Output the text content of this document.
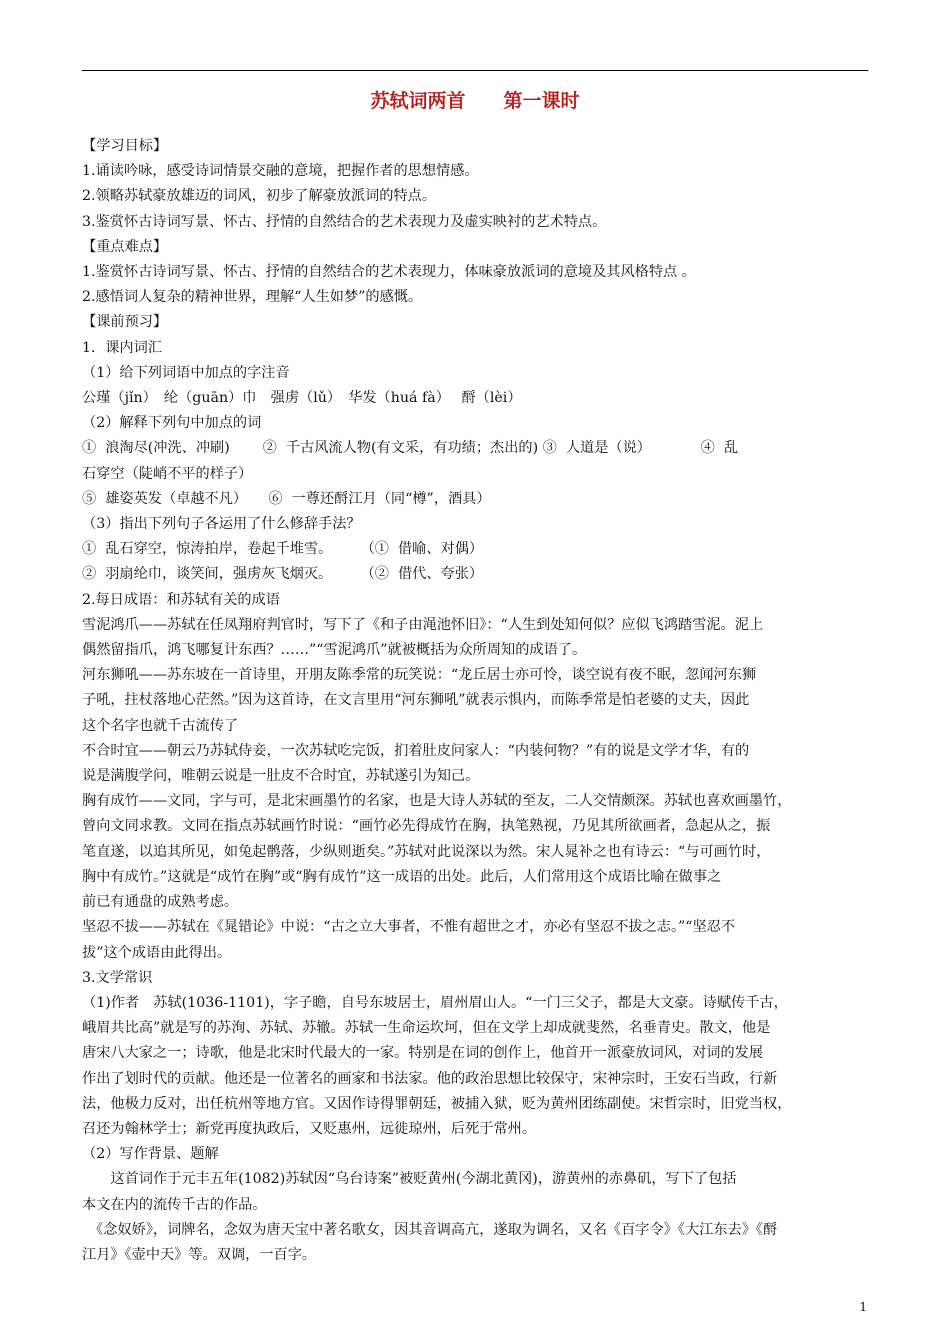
苏轼词两首　　第一课时

【学习目标】

1.诵读吟咏，感受诗词情景交融的意境，把握作者的思想情感。

2.领略苏轼豪放雄迈的词风，初步了解豪放派词的特点。

3.鉴赏怀古诗词写景、怀古、抒情的自然结合的艺术表现力及虚实映衬的艺术特点。

【重点难点】

1.鉴赏怀古诗词写景、怀古、抒情的自然结合的艺术表现力，体味豪放派词的意境及其风格特点 。

2.感悟词人复杂的精神世界，理解“人生如梦”的感慨。

【课前预习】

1．课内词汇

（1）给下列词语中加点的字注音

公瑾（jǐn）　纶（guān）巾　强虏（lǔ）　华发（huá fà）　 酹（lèi）

（2）解释下列句中加点的词

①  浪淘尽(冲洗、冲刷)　　 ②  千古风流人物(有文采，有功绩；杰出的) ③  人道是（说）　　　　④  乱

石穿空（陡峭不平的样子）

⑤  雄姿英发（卓越不凡）　　⑥  一尊还酹江月（同“樽”，酒具）

（3）指出下列句子各运用了什么修辞手法？

①  乱石穿空，惊涛拍岸，卷起千堆雪。　　　（①  借喻、对偶）

②  羽扇纶巾，谈笑间，强虏灰飞烟灭。　　　（②  借代、夸张）

2.每日成语：和苏轼有关的成语

雪泥鸿爪——苏轼在任凤翔府判官时，写下了《和子由渑池怀旧》：“人生到处知何似？应似飞鸿踏雪泥。泥上

偶然留指爪，鸿飞哪复计东西？……”“雪泥鸿爪”就被概括为众所周知的成语了。

河东狮吼——苏东坡在一首诗里，开朋友陈季常的玩笑说：“龙丘居士亦可怜，谈空说有夜不眠，忽闻河东狮

子吼，拄杖落地心茫然。”因为这首诗，在文言里用“河东狮吼”就表示惧内，而陈季常是怕老婆的丈夫，因此

这个名字也就千古流传了

不合时宜——朝云乃苏轼侍妾，一次苏轼吃完饭，扪着肚皮问家人：“内装何物？”有的说是文学才华，有的

说是满腹学问，唯朝云说是一肚皮不合时宜，苏轼遂引为知己。

胸有成竹——文同，字与可，是北宋画墨竹的名家，也是大诗人苏轼的至友，二人交情颇深。苏轼也喜欢画墨竹，

曾向文同求教。文同在指点苏轼画竹时说：“画竹必先得成竹在胸，执笔熟视，乃见其所欲画者，急起从之，振

笔直遂，以追其所见，如兔起鹘落，少纵则逝矣。”苏轼对此说深以为然。宋人晁补之也有诗云：“与可画竹时，

胸中有成竹。”这就是“成竹在胸”或“胸有成竹”这一成语的出处。此后，人们常用这个成语比喻在做事之

前已有通盘的成熟考虑。

坚忍不拔——苏轼在《晁错论》中说：“古之立大事者，不惟有超世之才，亦必有坚忍不拔之志。”“坚忍不

拔”这个成语由此得出。

3.文学常识

（1)作者　苏轼(1036-1101)，字子瞻，自号东坡居士，眉州眉山人。“一门三父子，都是大文豪。诗赋传千古，

峨眉共比高”就是写的苏洵、苏轼、苏辙。苏轼一生命运坎坷，但在文学上却成就斐然，名垂青史。散文，他是

唐宋八大家之一；诗歌，他是北宋时代最大的一家。特别是在词的创作上，他首开一派豪放词风，对词的发展

作出了划时代的贡献。他还是一位著名的画家和书法家。他的政治思想比较保守，宋神宗时，王安石当政，行新

法，他极力反对，出任杭州等地方官。又因作诗得罪朝廷，被捕入狱，贬为黄州团练副使。宋哲宗时，旧党当权，

召还为翰林学士；新党再度执政后，又贬惠州，远徙琼州，后死于常州。

（2）写作背景、题解

　　这首词作于元丰五年(1082)苏轼因“乌台诗案”被贬黄州(今湖北黄冈)，游黄州的赤鼻矶，写下了包括

本文在内的流传千古的作品。

　《念奴娇》，词牌名，念奴为唐天宝中著名歌女，因其音调高亢，遂取为调名，又名《百字令》《大江东去》《酹

江月》《壶中天》等。双调，一百字。

1
